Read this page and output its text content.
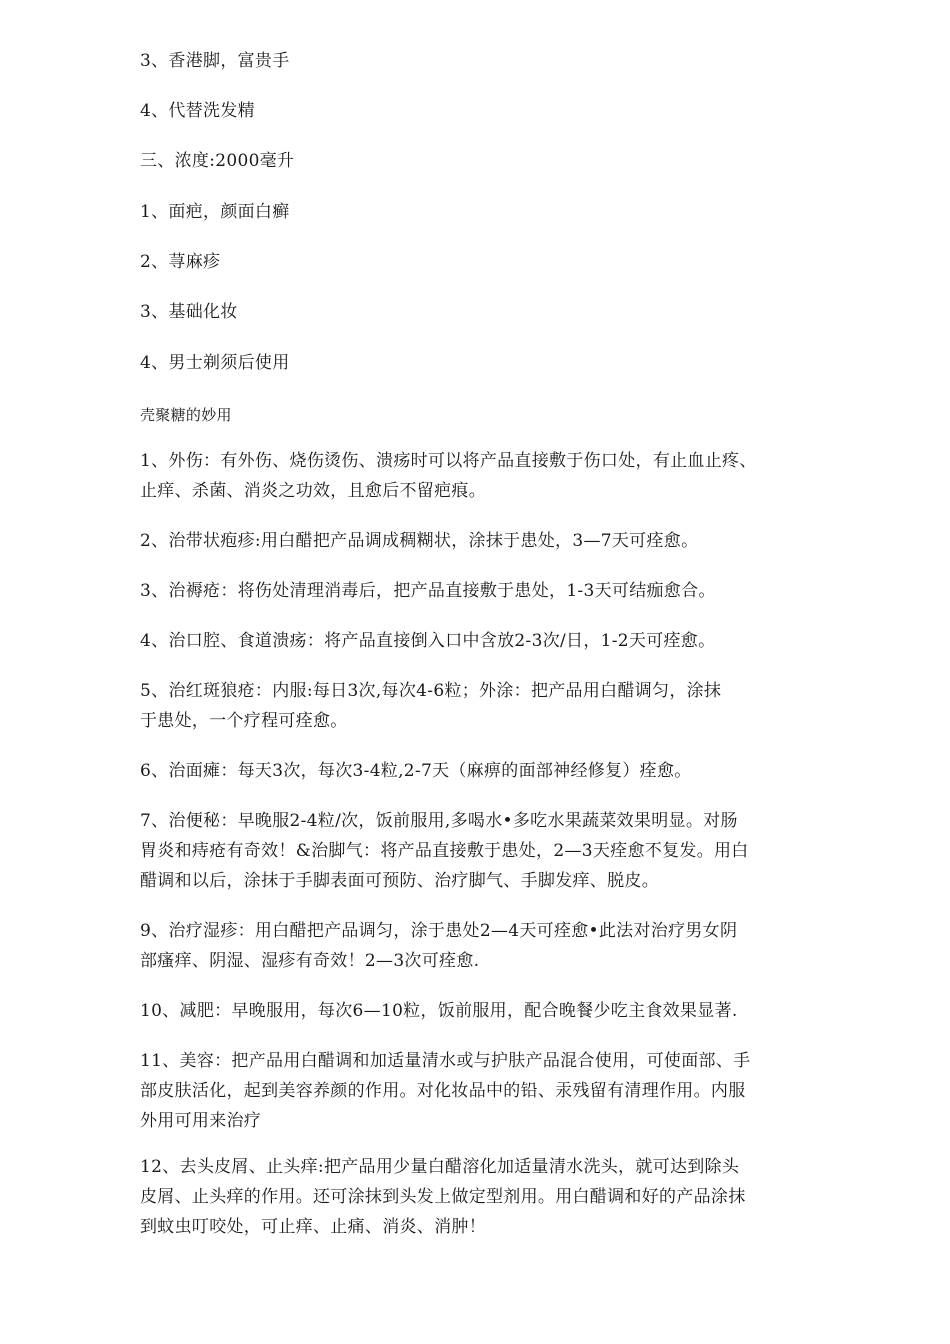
3、香港脚，富贵手
4、代替洗发精
三、浓度:2000毫升
1、面疤，颜面白癣
2、荨麻疹
3、基础化妆
4、男士剃须后使用
壳聚糖的妙用
1、外伤：有外伤、烧伤烫伤、溃疡时可以将产品直接敷于伤口处，有止血止疼、
止痒、杀菌、消炎之功效，且愈后不留疤痕。
2、治带状疱疹:用白醋把产品调成稠糊状，涂抹于患处，3—7天可痊愈。
3、治褥疮：将伤处清理消毒后，把产品直接敷于患处，1-3天可结痂愈合。
4、治口腔、食道溃疡：将产品直接倒入口中含放2-3次/日，1-2天可痊愈。
5、治红斑狼疮：内服:每日3次,每次4-6粒；外涂：把产品用白醋调匀，涂抹
于患处，一个疗程可痊愈。
6、治面瘫：每天3次，每次3-4粒,2-7天（麻痹的面部神经修复）痊愈。
7、治便秘：早晚服2-4粒/次，饭前服用,多喝水•多吃水果蔬菜效果明显。对肠
胃炎和痔疮有奇效！&治脚气：将产品直接敷于患处，2—3天痊愈不复发。用白
醋调和以后，涂抹于手脚表面可预防、治疗脚气、手脚发痒、脱皮。
9、治疗湿疹：用白醋把产品调匀，涂于患处2—4天可痊愈•此法对治疗男女阴
部瘙痒、阴湿、湿疹有奇效！2—3次可痊愈.
10、减肥：早晚服用，每次6—10粒，饭前服用，配合晚餐少吃主食效果显著.
11、美容：把产品用白醋调和加适量清水或与护肤产品混合使用，可使面部、手
部皮肤活化，起到美容养颜的作用。对化妆品中的铅、汞残留有清理作用。内服
外用可用来治疗
12、去头皮屑、止头痒:把产品用少量白醋溶化加适量清水洗头，就可达到除头
皮屑、止头痒的作用。还可涂抹到头发上做定型剂用。用白醋调和好的产品涂抹
到蚊虫叮咬处，可止痒、止痛、消炎、消肿！
